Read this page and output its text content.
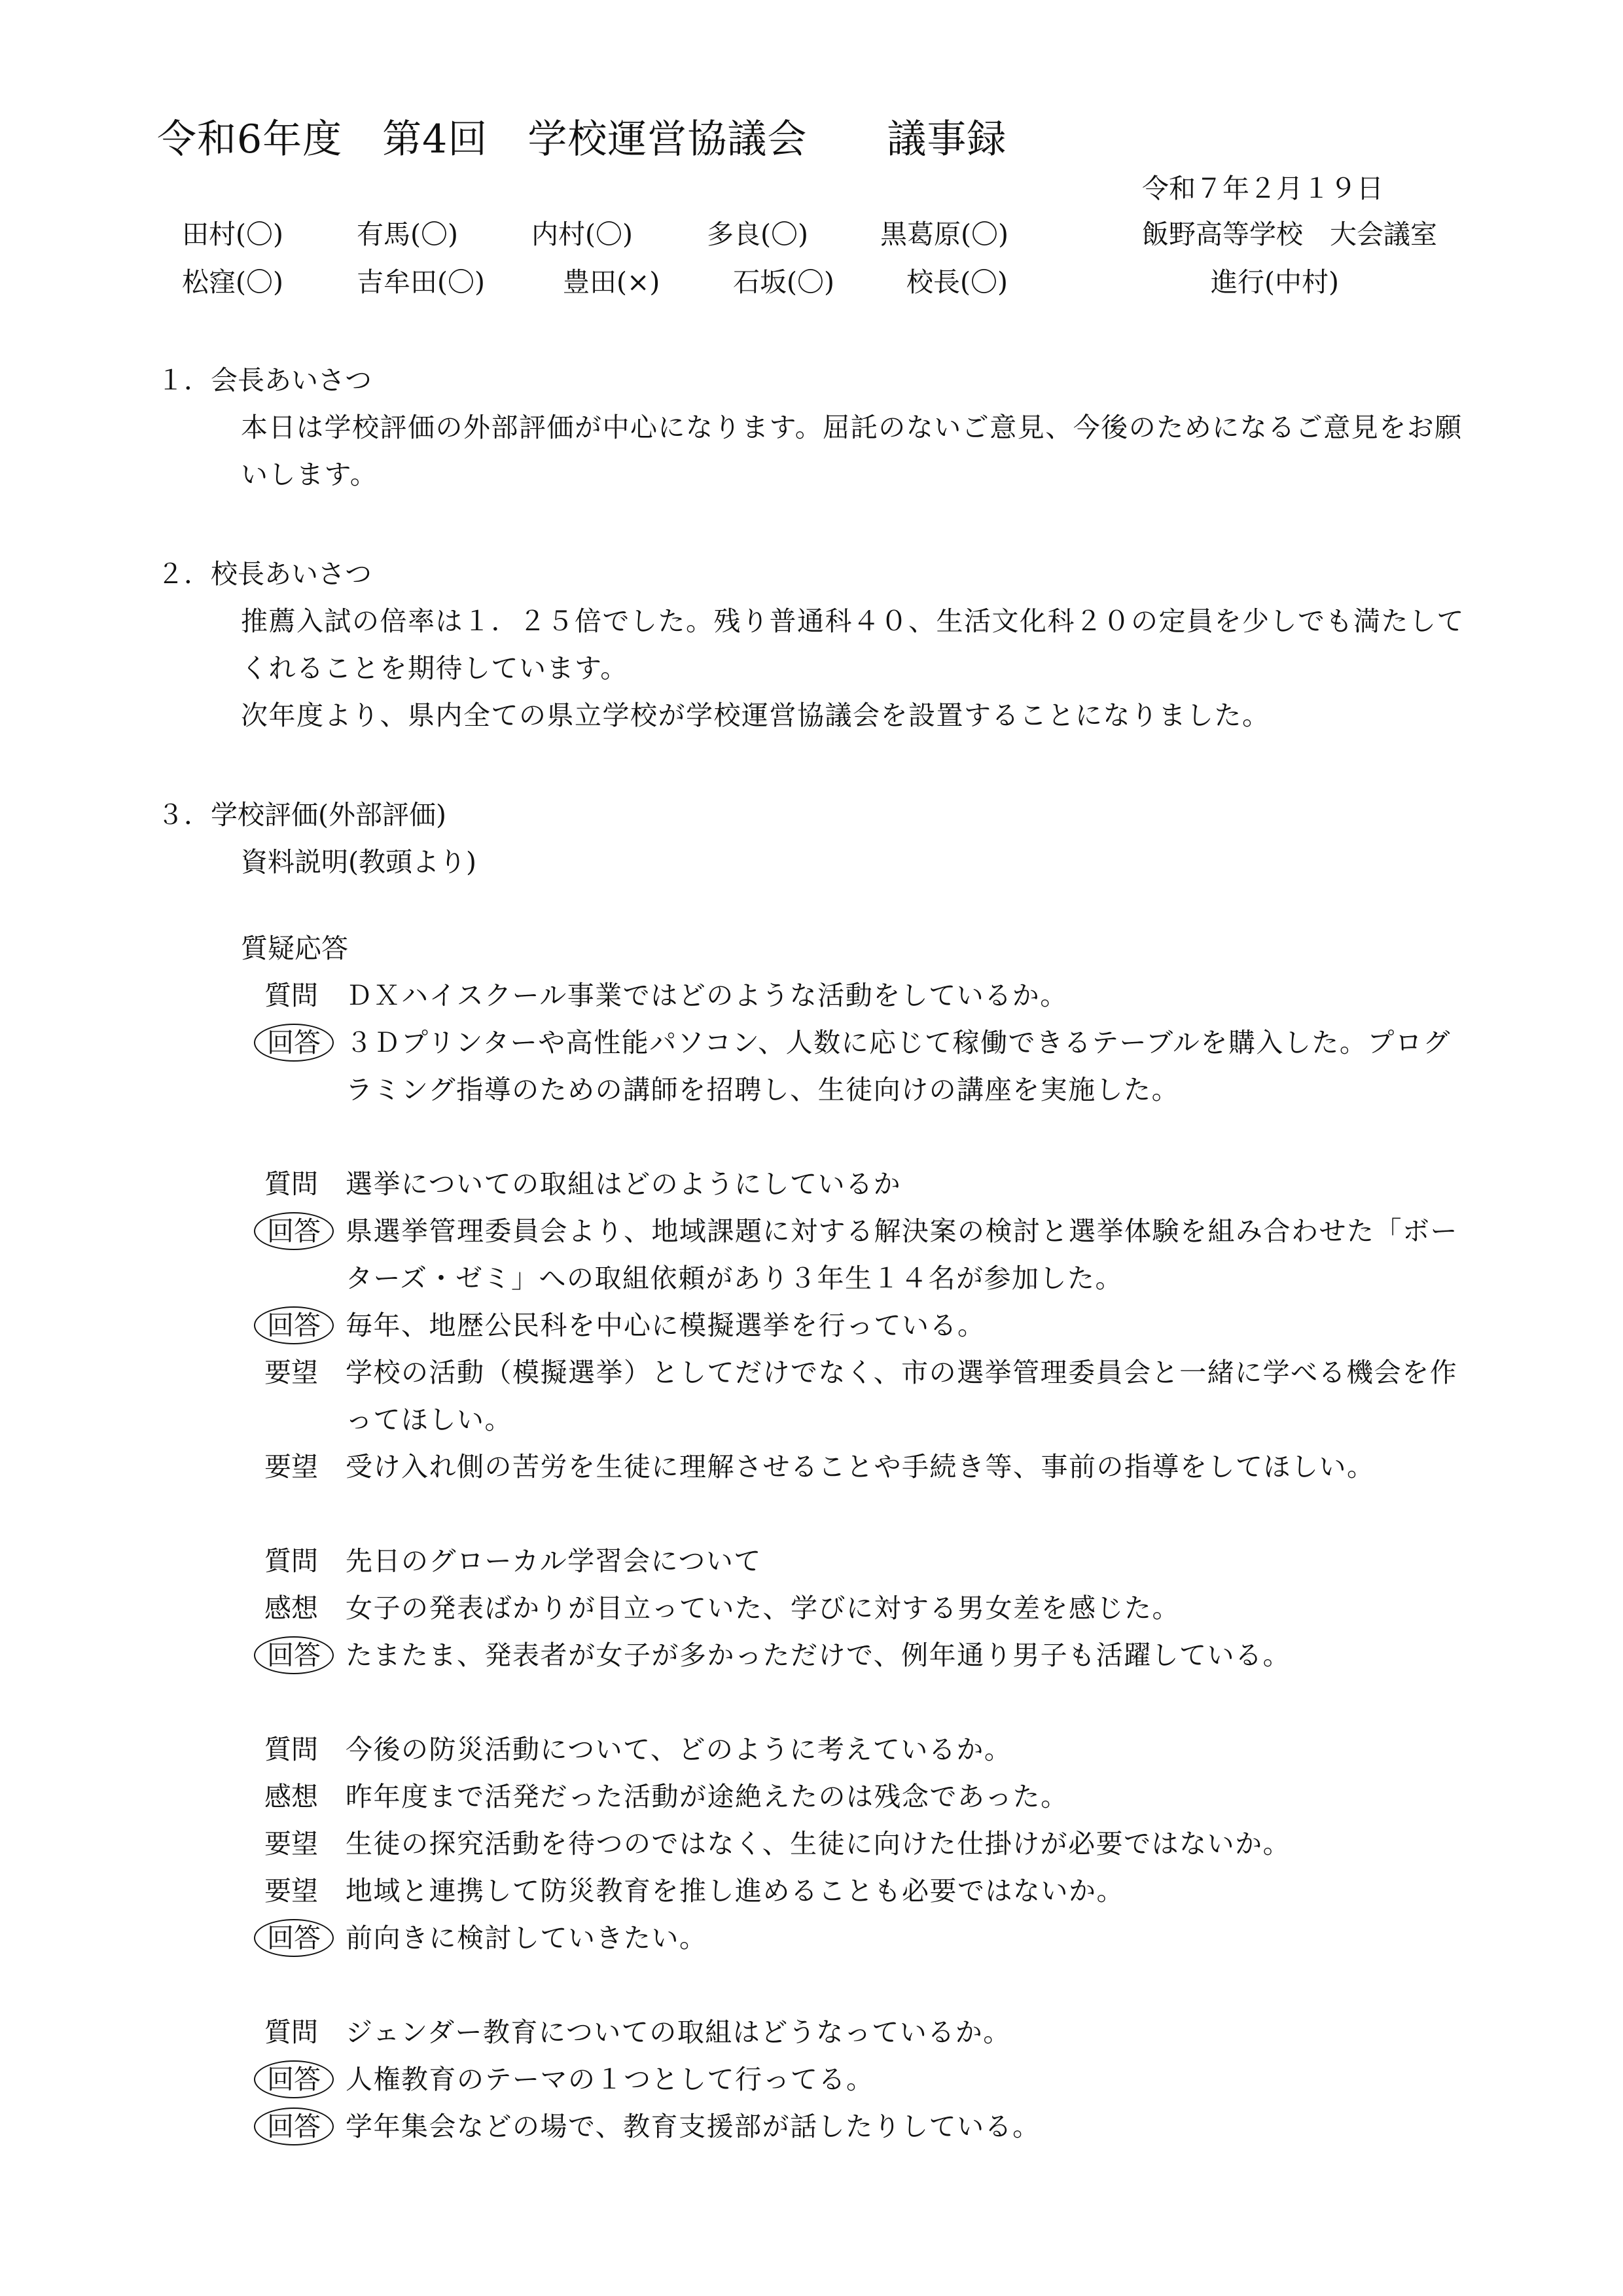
令和6年度　第4回　学校運営協議会　　議事録
令和７年２月１９日
田村(〇)	有馬(〇)	内村(〇)	多良(〇)	黒葛原(〇)	飯野高等学校　大会議室
松窪(〇)	吉牟田(〇)	豊田(×)	石坂(〇)	校長(〇)	進行(中村)

１．会長あいさつ

本日は学校評価の外部評価が中心になります。屈託のないご意見、今後のためになるご意見をお願いします。

２．校長あいさつ

推薦入試の倍率は１．２５倍でした。残り普通科４０、生活文化科２０の定員を少しでも満たしてくれることを期待しています。

次年度より、県内全ての県立学校が学校運営協議会を設置することになりました。

３．学校評価(外部評価)

資料説明(教頭より)

質疑応答

質問	ＤＸハイスクール事業ではどのような活動をしているか。
回答 ３Ｄプリンターや高性能パソコン、人数に応じて稼働できるテーブルを購入した。プログラミング指導のための講師を招聘し、生徒向けの講座を実施した。
質問	選挙についての取組はどのようにしているか
回答 県選挙管理委員会より、地域課題に対する解決案の検討と選挙体験を組み合わせた「ボーターズ・ゼミ」への取組依頼があり３年生１４名が参加した。
回答 毎年、地歴公民科を中心に模擬選挙を行っている。
要望	学校の活動（模擬選挙）としてだけでなく、市の選挙管理委員会と一緒に学べる機会を作ってほしい。
要望	受け入れ側の苦労を生徒に理解させることや手続き等、事前の指導をしてほしい。
質問	先日のグローカル学習会について
感想	女子の発表ばかりが目立っていた、学びに対する男女差を感じた。
回答 たまたま、発表者が女子が多かっただけで、例年通り男子も活躍している。
質問	今後の防災活動について、どのように考えているか。
感想	昨年度まで活発だった活動が途絶えたのは残念であった。
要望	生徒の探究活動を待つのではなく、生徒に向けた仕掛けが必要ではないか。
要望	地域と連携して防災教育を推し進めることも必要ではないか。
回答 前向きに検討していきたい。
質問	ジェンダー教育についての取組はどうなっているか。
回答 人権教育のテーマの１つとして行ってる。
回答 学年集会などの場で、教育支援部が話したりしている。
